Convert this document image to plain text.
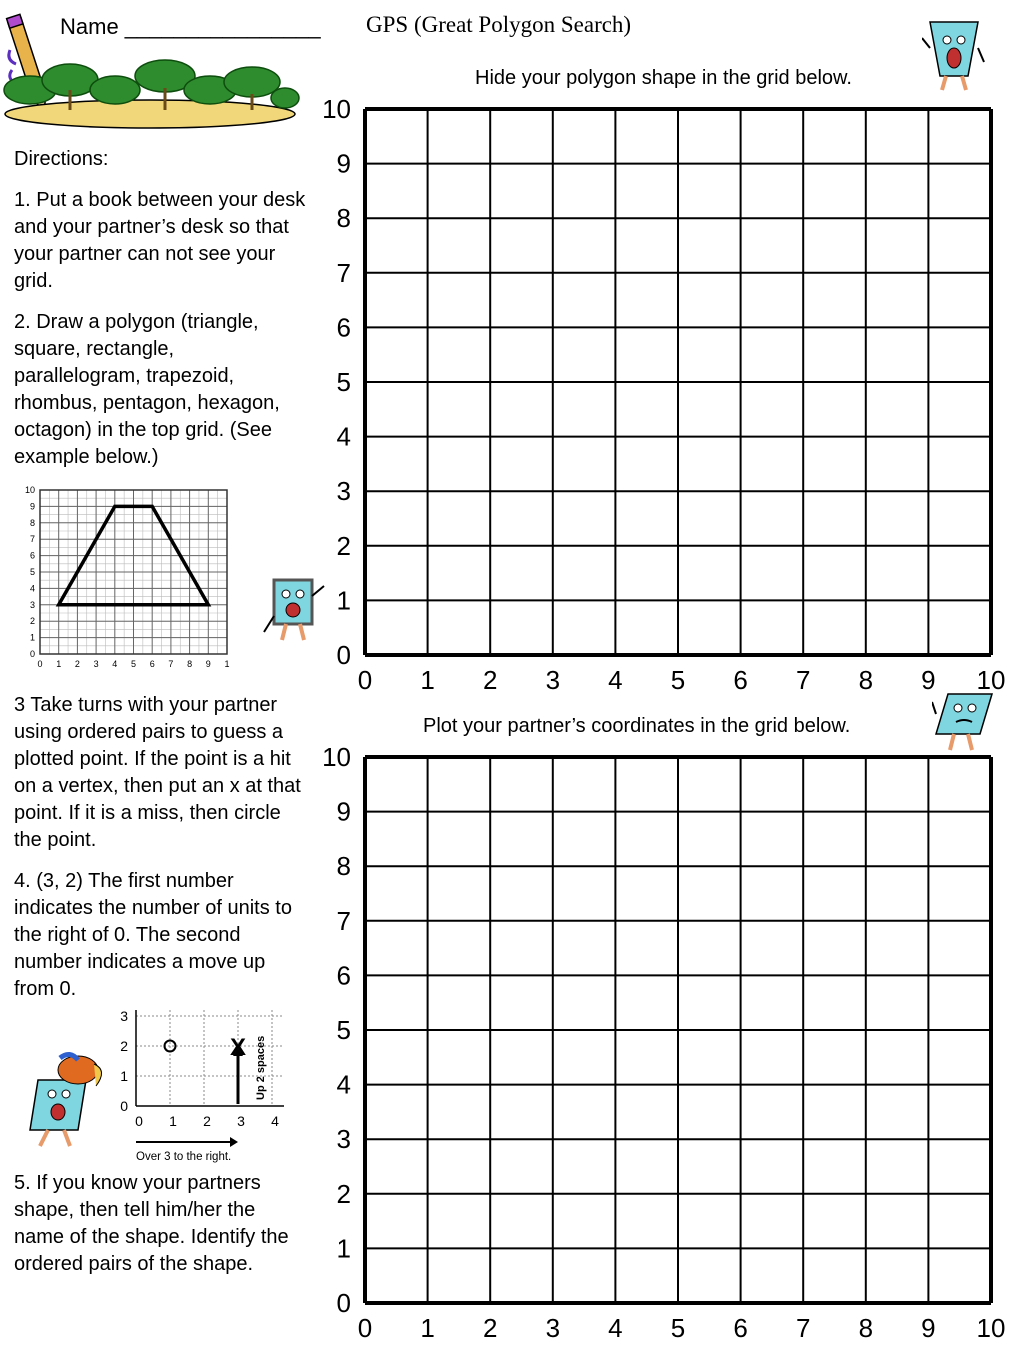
Name ________________ GPS (Great Polygon Search)

Directions:

1. Put a book between your desk and your partner’s desk so that your partner can not see your grid.

2. Draw a polygon (triangle, square, rectangle, parallelogram, trapezoid, rhombus, pentagon, hexagon, octagon) in the top grid. (See example below.)

3 Take turns with your partner using ordered pairs to guess a plotted point. If the point is a hit on a vertex, then put an x at that point. If it is a miss, then circle the point.

4. (3, 2) The first number indicates the number of units to the right of 0. The second number indicates a move up from 0.

5. If you know your partners shape, then tell him/her the name of the shape. Identify the ordered pairs of the shape.

0
1
2
3
4
5
6
7
8
9
10
0 1 2 3 4 5 6 7 8 9 1
0
1
2
3
0 1 2 3 4
X Up 2 spaces
Over 3 to the right.
Hide your polygon shape in the grid below.
0
1
2
3
4
5
6
7
8
9
10
0 1 2 3 4 5 6 7 8 9 10
Plot your partner’s coordinates in the grid below.
0
1
2
3
4
5
6
7
8
9
10
0 1 2 3 4 5 6 7 8 9 10
